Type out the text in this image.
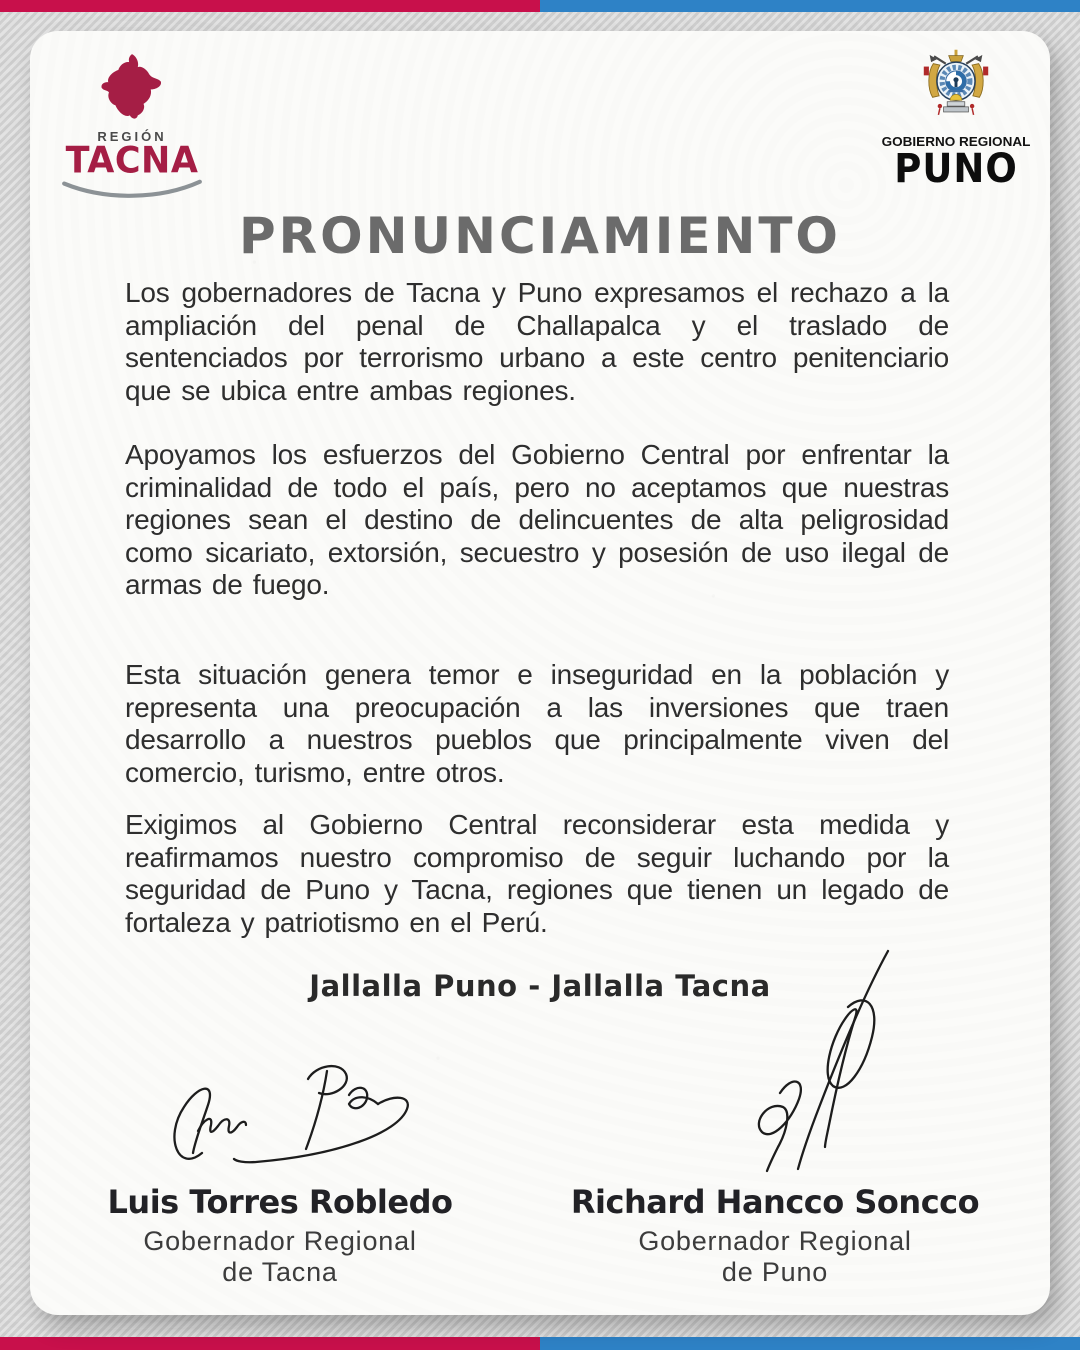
REGIÓN
TACNA	GOBIERNO REGIONAL
PUNO
PRONUNCIAMIENTO
Los gobernadores de Tacna y Puno expresamos el rechazo a la ampliación del penal de Challapalca y el traslado de sentenciados por terrorismo urbano a este centro penitenciario que se ubica entre ambas regiones.
Apoyamos los esfuerzos del Gobierno Central por enfrentar la criminalidad de todo el país, pero no aceptamos que nuestras regiones sean el destino de delincuentes de alta peligrosidad como sicariato, extorsión, secuestro y posesión de uso ilegal de armas de fuego.
Esta situación genera temor e inseguridad en la población y representa una preocupación a las inversiones que traen desarrollo a nuestros pueblos que principalmente viven del comercio, turismo, entre otros.
Exigimos al Gobierno Central reconsiderar esta medida y reafirmamos nuestro compromiso de seguir luchando por la seguridad de Puno y Tacna, regiones que tienen un legado de fortaleza y patriotismo en el Perú.
Jallalla Puno - Jallalla Tacna
Luis Torres Robledo
Gobernador Regional
de Tacna
Richard Hancco Soncco
Gobernador Regional
de Puno
